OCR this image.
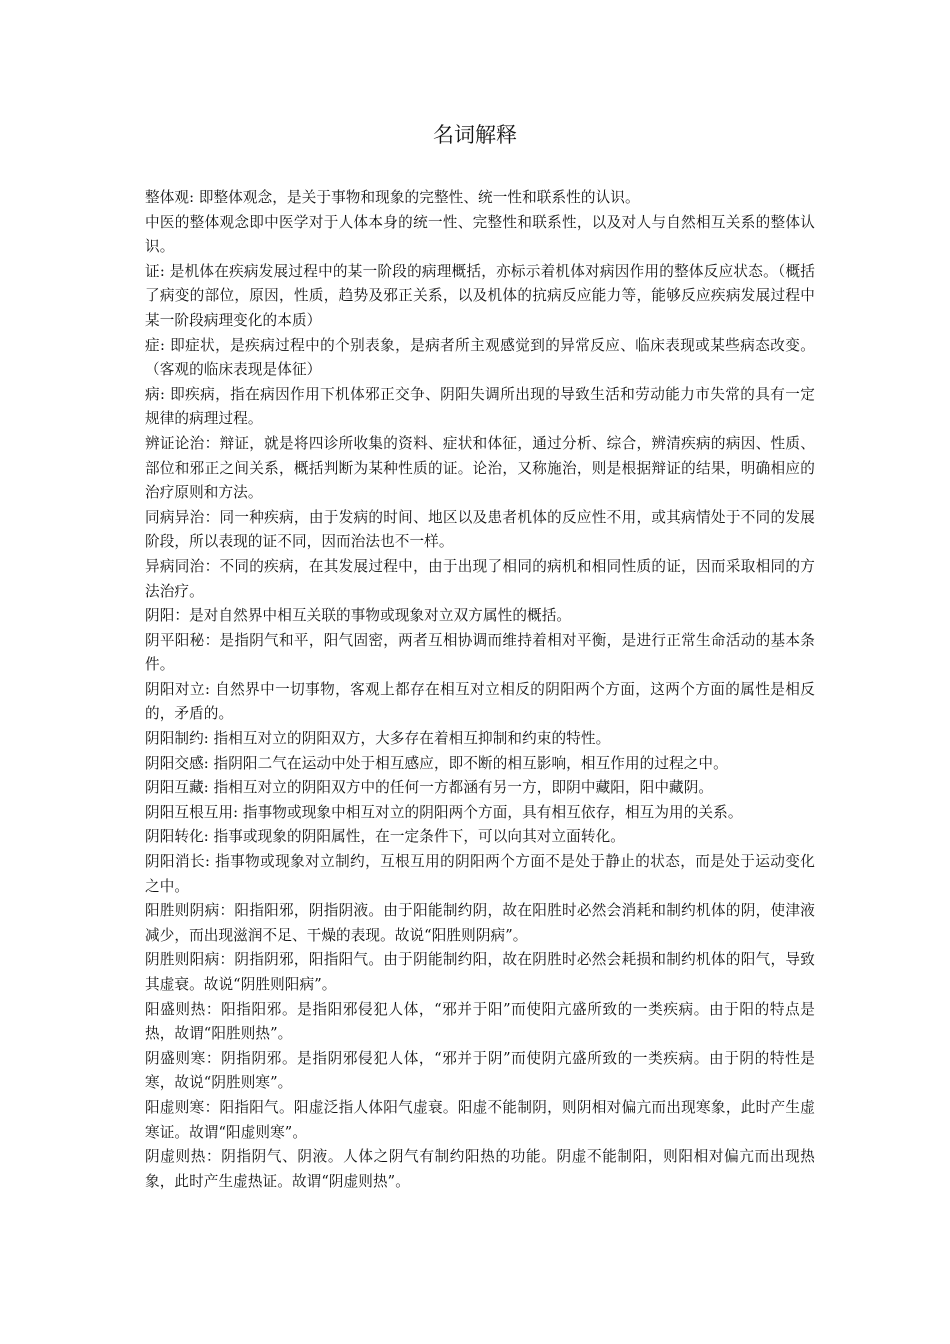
名词解释

整体观: 即整体观念，是关于事物和现象的完整性、统一性和联系性的认识。

中医的整体观念即中医学对于人体本身的统一性、完整性和联系性，以及对人与自然相互关系的整体认识。

证: 是机体在疾病发展过程中的某一阶段的病理概括，亦标示着机体对病因作用的整体反应状态。（概括了病变的部位，原因，性质，趋势及邪正关系，以及机体的抗病反应能力等，能够反应疾病发展过程中某一阶段病理变化的本质）

症: 即症状，是疾病过程中的个别表象，是病者所主观感觉到的异常反应、临床表现或某些病态改变。（客观的临床表现是体征）

病: 即疾病，指在病因作用下机体邪正交争、阴阳失调所出现的导致生活和劳动能力市失常的具有一定规律的病理过程。

辨证论治：辩证，就是将四诊所收集的资料、症状和体征，通过分析、综合，辨清疾病的病因、性质、部位和邪正之间关系，概括判断为某种性质的证。论治，又称施治，则是根据辩证的结果，明确相应的治疗原则和方法。

同病异治：同一种疾病，由于发病的时间、地区以及患者机体的反应性不用，或其病情处于不同的发展阶段，所以表现的证不同，因而治法也不一样。

异病同治：不同的疾病，在其发展过程中，由于出现了相同的病机和相同性质的证，因而采取相同的方法治疗。

阴阳：是对自然界中相互关联的事物或现象对立双方属性的概括。

阴平阳秘：是指阴气和平，阳气固密，两者互相协调而维持着相对平衡，是进行正常生命活动的基本条件。

阴阳对立: 自然界中一切事物，客观上都存在相互对立相反的阴阳两个方面，这两个方面的属性是相反的，矛盾的。

阴阳制约: 指相互对立的阴阳双方，大多存在着相互抑制和约束的特性。

阴阳交感: 指阴阳二气在运动中处于相互感应，即不断的相互影响，相互作用的过程之中。

阴阳互藏: 指相互对立的阴阳双方中的任何一方都涵有另一方，即阴中藏阳，阳中藏阴。

阴阳互根互用: 指事物或现象中相互对立的阴阳两个方面，具有相互依存，相互为用的关系。

阴阳转化: 指事或现象的阴阳属性，在一定条件下，可以向其对立面转化。

阴阳消长: 指事物或现象对立制约，互根互用的阴阳两个方面不是处于静止的状态，而是处于运动变化之中。

阳胜则阴病：阳指阳邪，阴指阴液。由于阳能制约阴，故在阳胜时必然会消耗和制约机体的阴，使津液减少，而出现滋润不足、干燥的表现。故说“阳胜则阴病”。

阴胜则阳病：阴指阴邪，阳指阳气。由于阴能制约阳，故在阴胜时必然会耗损和制约机体的阳气，导致其虚衰。故说“阴胜则阳病”。

阳盛则热：阳指阳邪。是指阳邪侵犯人体，“邪并于阳”而使阳亢盛所致的一类疾病。由于阳的特点是热，故谓“阳胜则热”。

阴盛则寒：阴指阴邪。是指阴邪侵犯人体，“邪并于阴”而使阴亢盛所致的一类疾病。由于阴的特性是寒，故说“阴胜则寒”。

阳虚则寒：阳指阳气。阳虚泛指人体阳气虚衰。阳虚不能制阴，则阴相对偏亢而出现寒象，此时产生虚寒证。故谓“阳虚则寒”。

阴虚则热：阴指阴气、阴液。人体之阴气有制约阳热的功能。阴虚不能制阳，则阳相对偏亢而出现热象，此时产生虚热证。故谓“阴虚则热”。
